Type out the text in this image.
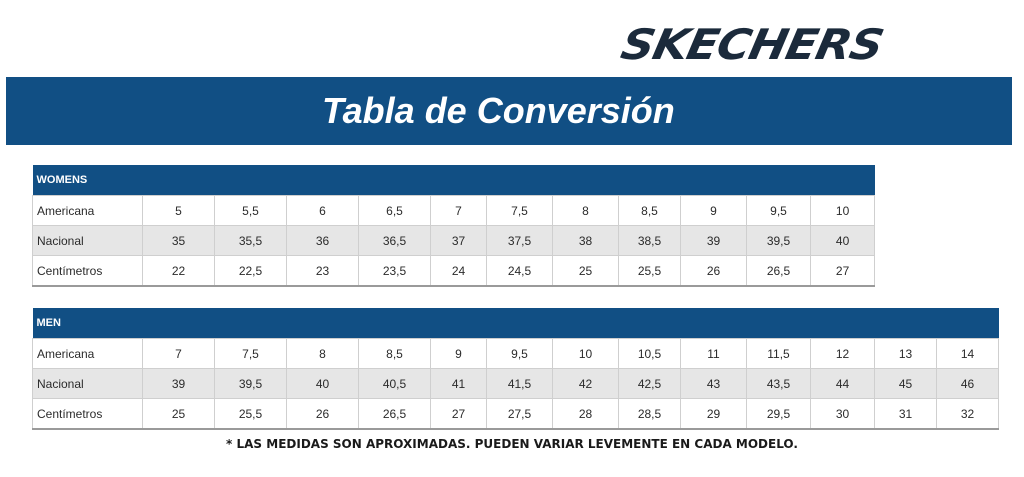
SKECHERS
Tabla de Conversión
WOMENS											
Americana	5	5,5	6	6,5	7	7,5	8	8,5	9	9,5	10
Nacional	35	35,5	36	36,5	37	37,5	38	38,5	39	39,5	40
Centímetros	22	22,5	23	23,5	24	24,5	25	25,5	26	26,5	27
MEN													
Americana	7	7,5	8	8,5	9	9,5	10	10,5	11	11,5	12	13	14
Nacional	39	39,5	40	40,5	41	41,5	42	42,5	43	43,5	44	45	46
Centímetros	25	25,5	26	26,5	27	27,5	28	28,5	29	29,5	30	31	32
* LAS MEDIDAS SON APROXIMADAS. PUEDEN VARIAR LEVEMENTE EN CADA MODELO.
